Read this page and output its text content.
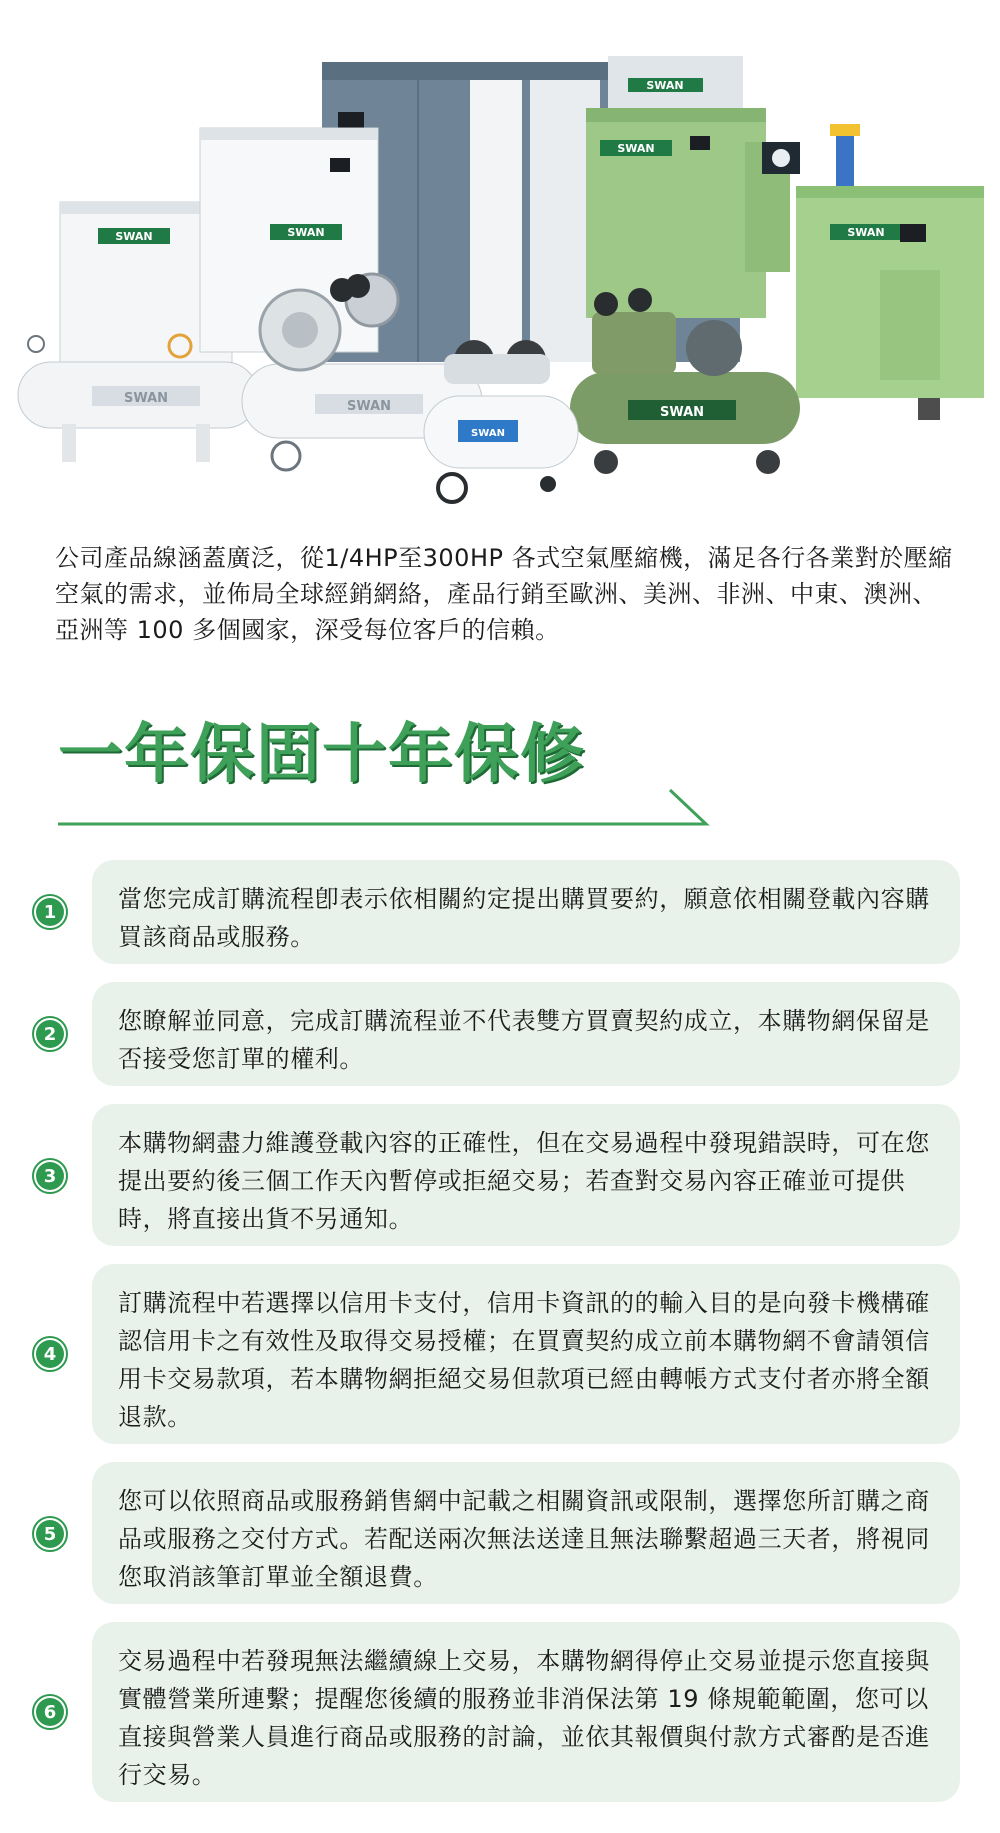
SWAN
SWAN
SWAN
SWAN	SWAN
SWAN
SWAN	SWAN
SWAN

公司產品線涵蓋廣泛，從1/4HP至300HP 各式空氣壓縮機，滿足各行各業對於壓縮空氣的需求，並佈局全球經銷網絡，產品行銷至歐洲、美洲、非洲、中東、澳洲、亞洲等 100 多個國家，深受每位客戶的信賴。

一年保固十年保修
1	當您完成訂購流程卽表示依相關約定提出購買要約，願意依相關登載內容購買該商品或服務。

2	您瞭解並同意，完成訂購流程並不代表雙方買賣契約成立，本購物網保留是否接受您訂單的權利。

3

本購物網盡力維護登載內容的正確性，但在交易過程中發現錯誤時，可在您提出要約後三個工作天內暫停或拒絕交易；若查對交易內容正確並可提供時，將直接出貨不另通知。

4

訂購流程中若選擇以信用卡支付，信用卡資訊的的輸入目的是向發卡機構確認信用卡之有效性及取得交易授權；在買賣契約成立前本購物網不會請領信用卡交易款項，若本購物網拒絕交易但款項已經由轉帳方式支付者亦將全額退款。

5

您可以依照商品或服務銷售網中記載之相關資訊或限制，選擇您所訂購之商品或服務之交付方式。若配送兩次無法送達且無法聯繫超過三天者，將視同您取消該筆訂單並全額退費。

6

交易過程中若發現無法繼續線上交易，本購物網得停止交易並提示您直接與實體營業所連繫；提醒您後續的服務並非消保法第 19 條規範範圍，您可以直接與營業人員進行商品或服務的討論，並依其報價與付款方式審酌是否進行交易。
